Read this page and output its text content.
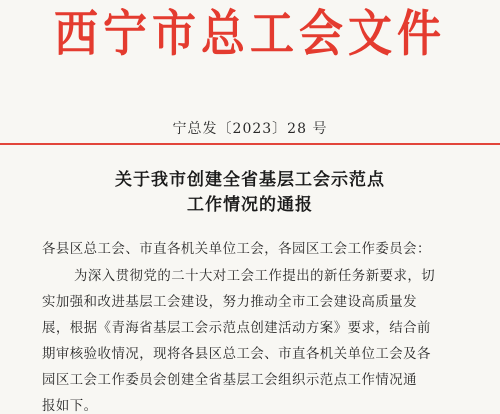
西宁市总工会文件
宁总发〔2023〕28 号
关于我市创建全省基层工会示范点
工作情况的通报
各县区总工会、市直各机关单位工会，各园区工会工作委员会：
为深入贯彻党的二十大对工会工作提出的新任务新要求，切
实加强和改进基层工会建设，努力推动全市工会建设高质量发
展，根据《青海省基层工会示范点创建活动方案》要求，结合前
期审核验收情况，现将各县区总工会、市直各机关单位工会及各
园区工会工作委员会创建全省基层工会组织示范点工作情况通
报如下。
